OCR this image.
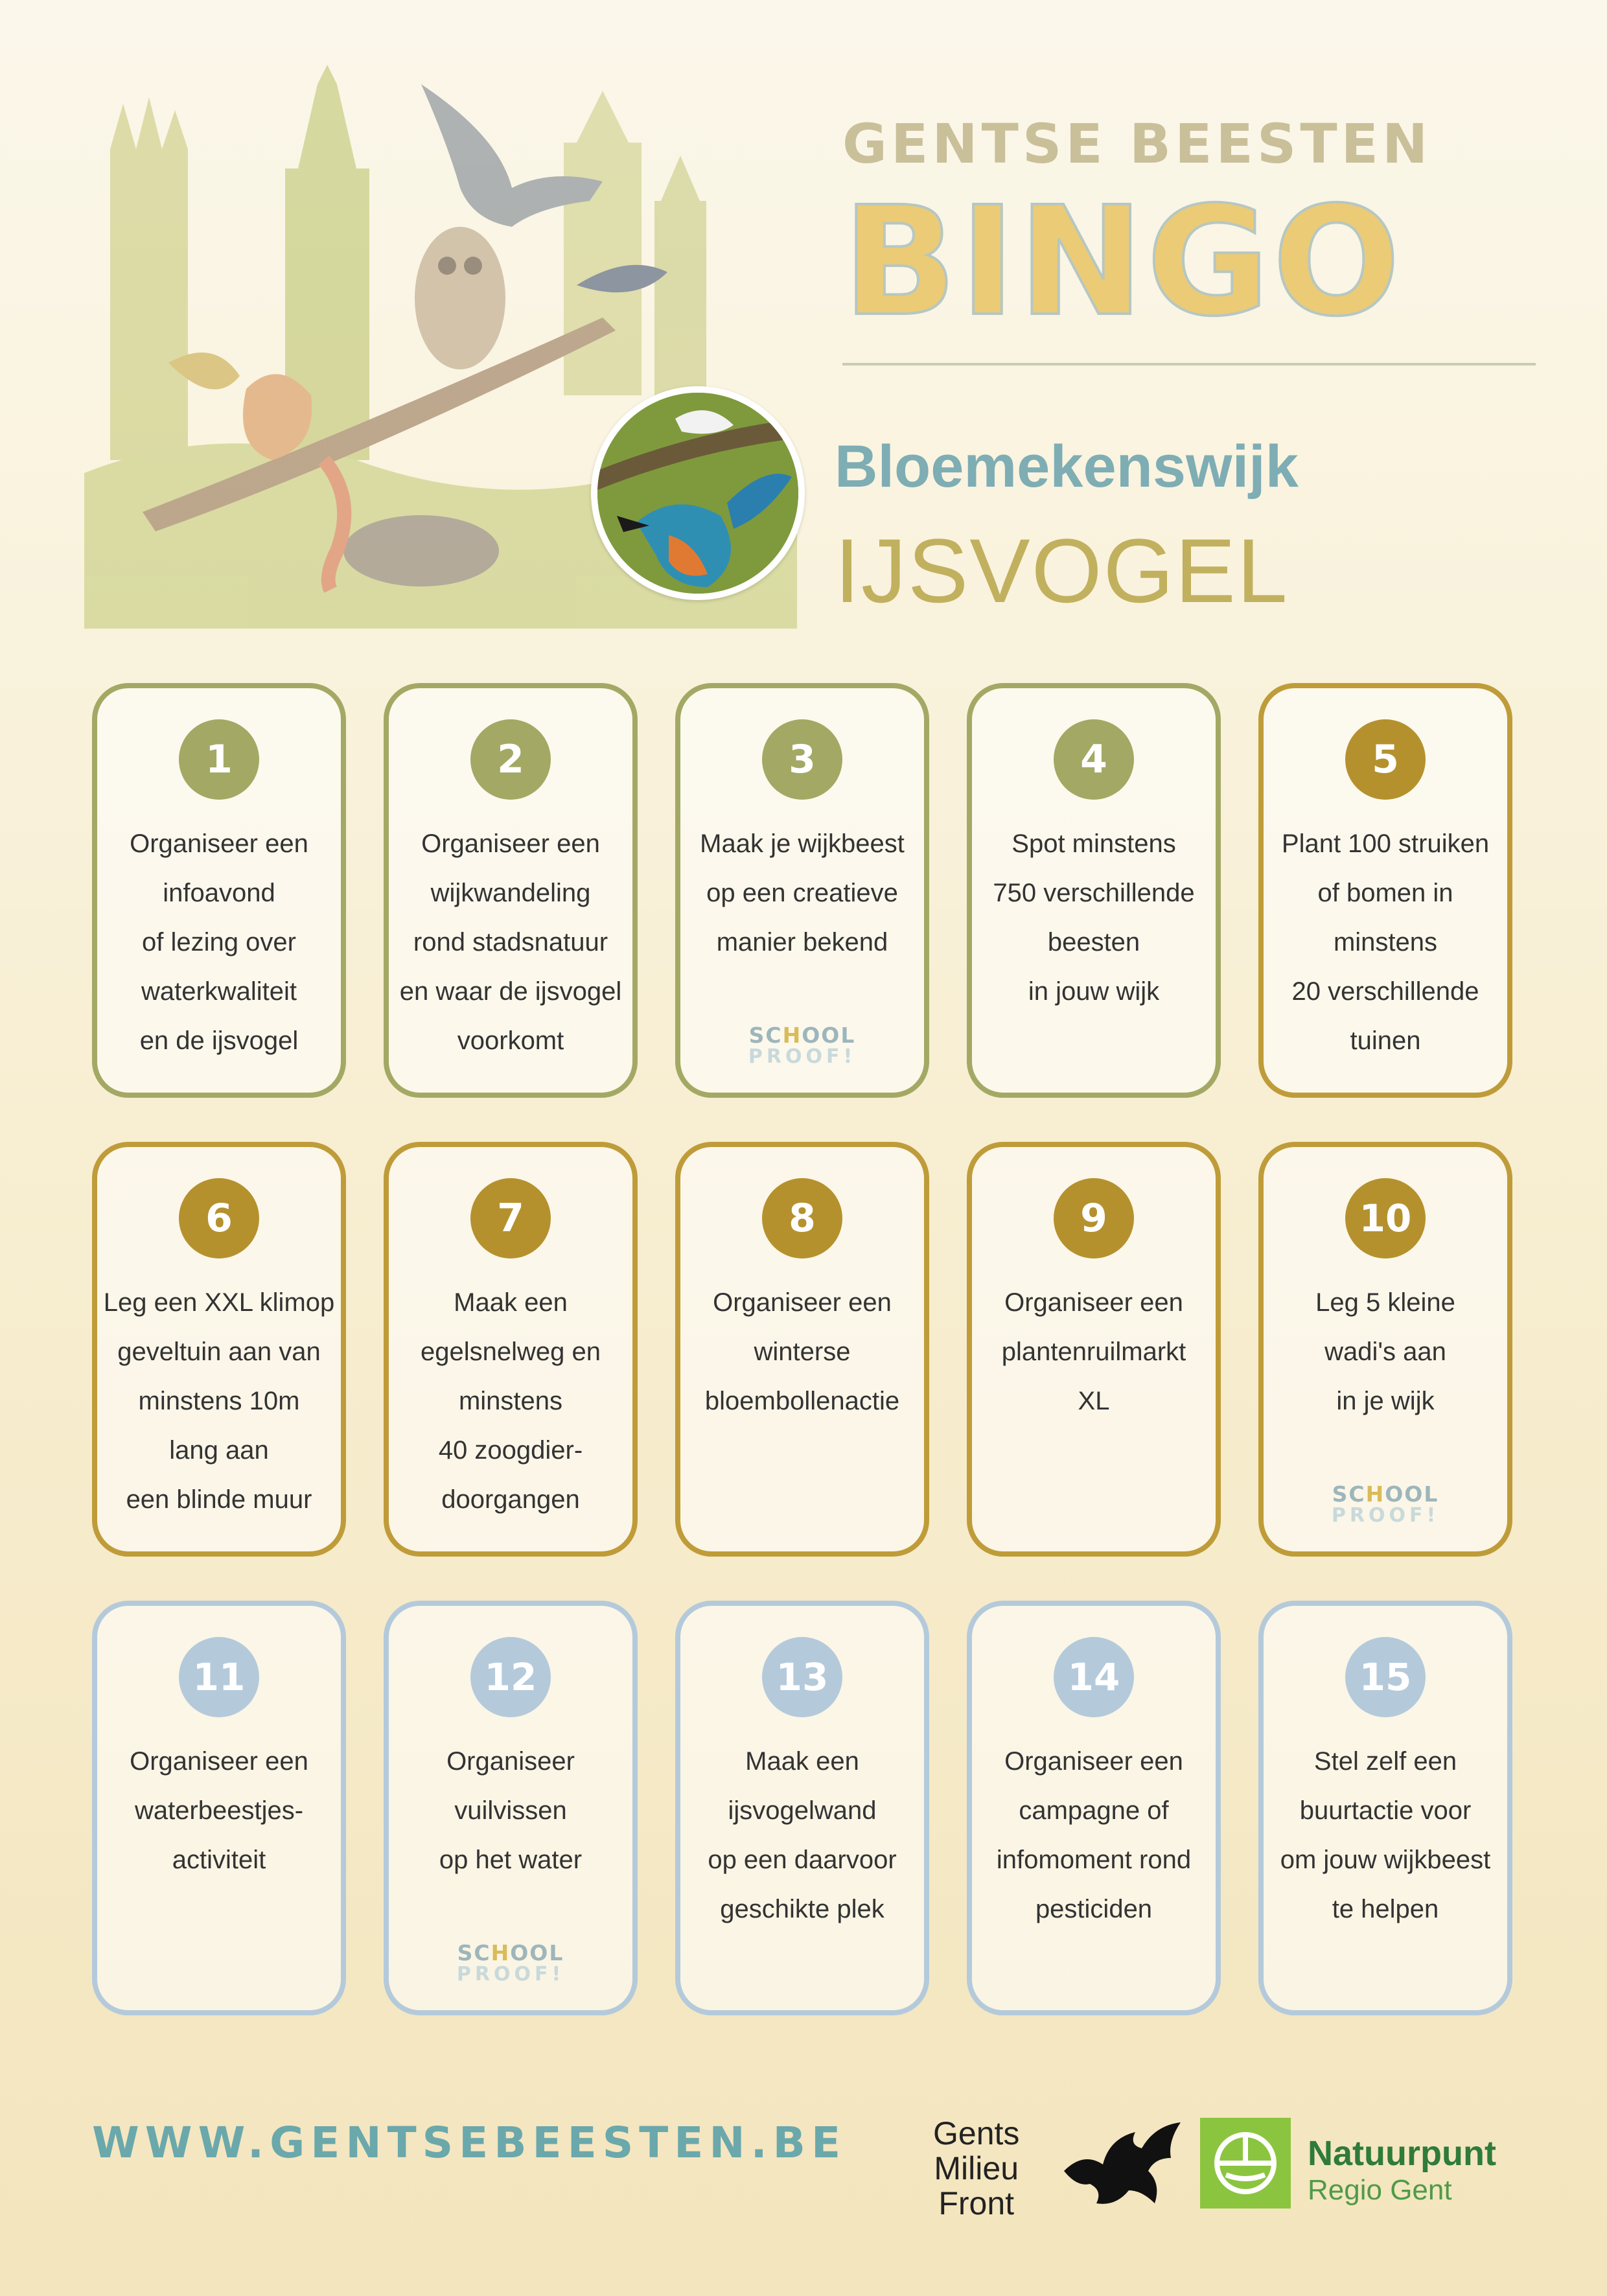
GENTSE BEESTEN
BINGO
Bloemekenswijk
IJSVOGEL
1
Organiseer een
infoavond
of lezing over
waterkwaliteit
en de ijsvogel
2
Organiseer een
wijkwandeling
rond stadsnatuur
en waar de ijsvogel
voorkomt
3
Maak je wijkbeest
op een creatieve
manier bekend
SCHOOL
PROOF!
4
Spot minstens
750 verschillende
beesten
in jouw wijk
5
Plant 100 struiken
of bomen in
minstens
20 verschillende
tuinen
6
Leg een XXL klimop
geveltuin aan van
minstens 10m
lang aan
een blinde muur
7
Maak een
egelsnelweg en
minstens
40 zoogdier-
doorgangen
8
Organiseer een
winterse
bloembollenactie
9
Organiseer een
plantenruilmarkt
XL
10
Leg 5 kleine
wadi's aan
in je wijk
SCHOOL
PROOF!
11
Organiseer een
waterbeestjes-
activiteit
12
Organiseer
vuilvissen
op het water
SCHOOL
PROOF!
13
Maak een
ijsvogelwand
op een daarvoor
geschikte plek
14
Organiseer een
campagne of
infomoment rond
pesticiden
15
Stel zelf een
buurtactie voor
om jouw wijkbeest
te helpen
WWW.GENTSEBEESTEN.BE	Gents
Milieu
Front
Natuurpunt
Regio Gent
